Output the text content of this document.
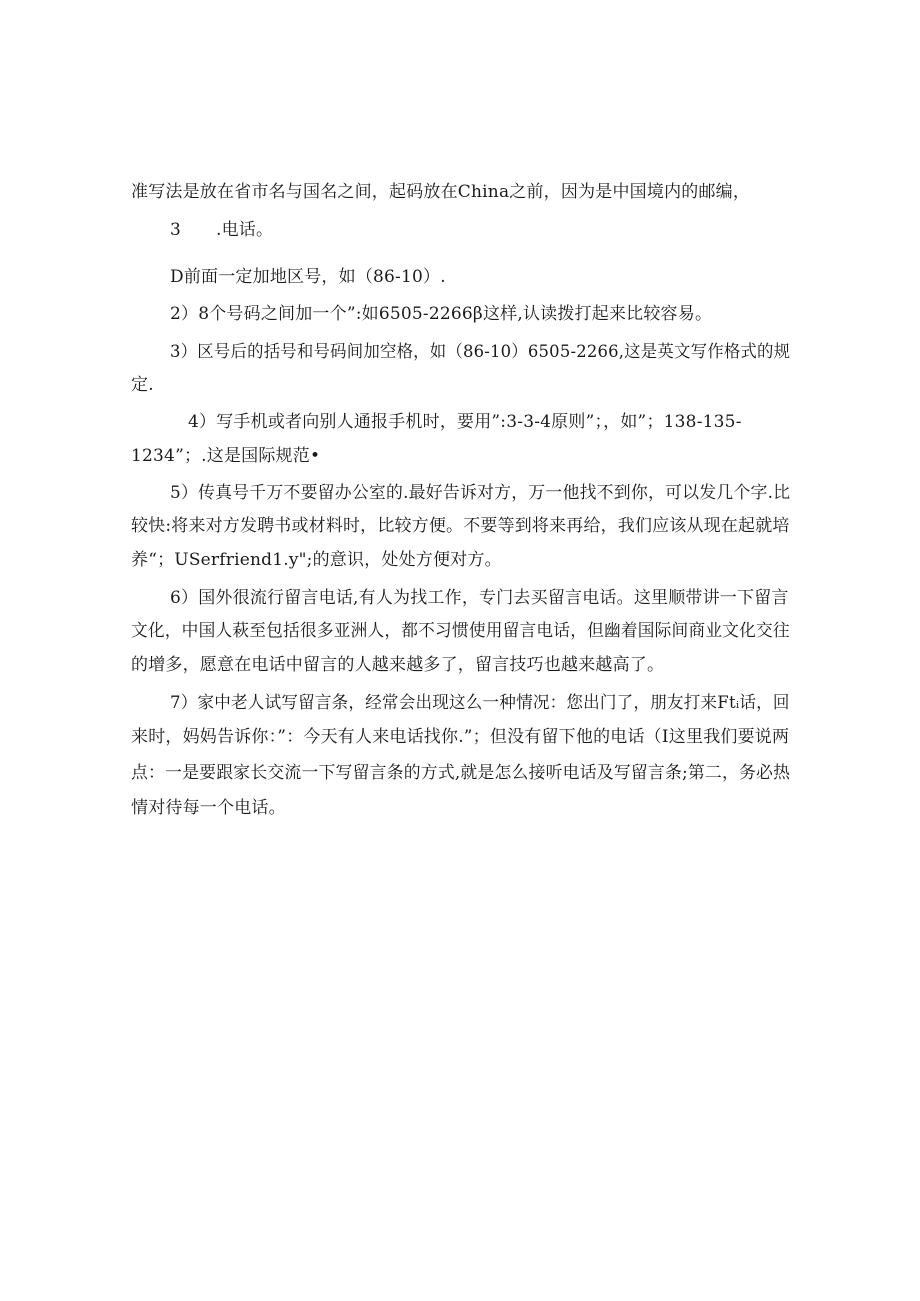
准写法是放在省市名与国名之间，起码放在China之前，因为是中国境内的邮编，
3 .电话。
D前面一定加地区号，如（86-10）.
2）8个号码之间加一个”:如6505-2266β这样,认读拨打起来比较容易。
3）区号后的括号和号码间加空格，如（86-10）6505-2266,这是英文写作格式的规
定.
4）写手机或者向别人通报手机时，要用”:3-3-4原则”；，如”；138-135-
1234”；.这是国际规范•
5）传真号千万不要留办公室的.最好告诉对方，万一他找不到你，可以发几个字.比
较快:将来对方发聘书或材料时，比较方便。不要等到将来再给，我们应该从现在起就培
养“；USerfriend1.y";的意识，处处方便对方。
6）国外很流行留言电话,有人为找工作，专门去买留言电话。这里顺带讲一下留言
文化，中国人萩至包括很多亚洲人，都不习惯使用留言电话，但幽着国际间商业文化交往
的增多，愿意在电话中留言的人越来越多了，留言技巧也越来越高了。
7）家中老人试写留言条，经常会出现这么一种情况：您出门了，朋友打来Ftᵢ话，回
来时，妈妈告诉你：”：今天有人来电话找你.”；但没有留下他的电话（I这里我们要说两
点：一是要跟家长交流一下写留言条的方式,就是怎么接听电话及写留言条;第二，务必热
情对待每一个电话。
